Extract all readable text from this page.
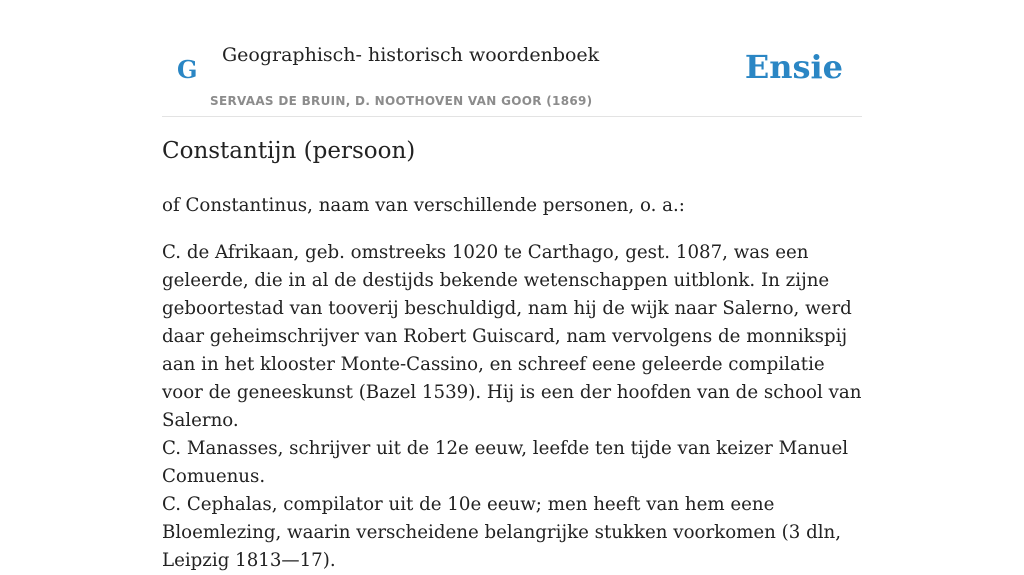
G Geographisch- historisch woordenboek
SERVAAS DE BRUIN, D. NOOTHOVEN VAN GOOR (1869)
Ensie
Constantijn (persoon)

of Constantinus, naam van verschillende personen, o. a.:

C. de Afrikaan, geb. omstreeks 1020 te Carthago, gest. 1087, was een geleerde, die in al de destijds bekende wetenschappen uitblonk. In zijne geboortestad van tooverij beschuldigd, nam hij de wijk naar Salerno, werd daar geheimschrijver van Robert Guiscard, nam vervolgens de monnikspij aan in het klooster Monte-Cassino, en schreef eene geleerde compilatie voor de geneeskunst (Bazel 1539). Hij is een der hoofden van de school van Salerno.

C. Manasses, schrijver uit de 12e eeuw, leefde ten tijde van keizer Manuel Comuenus.

C. Cephalas, compilator uit de 10e eeuw; men heeft van hem eene Bloemlezing, waarin verscheidene belangrijke stukken voorkomen (3 dln, Leipzig 1813—17).
